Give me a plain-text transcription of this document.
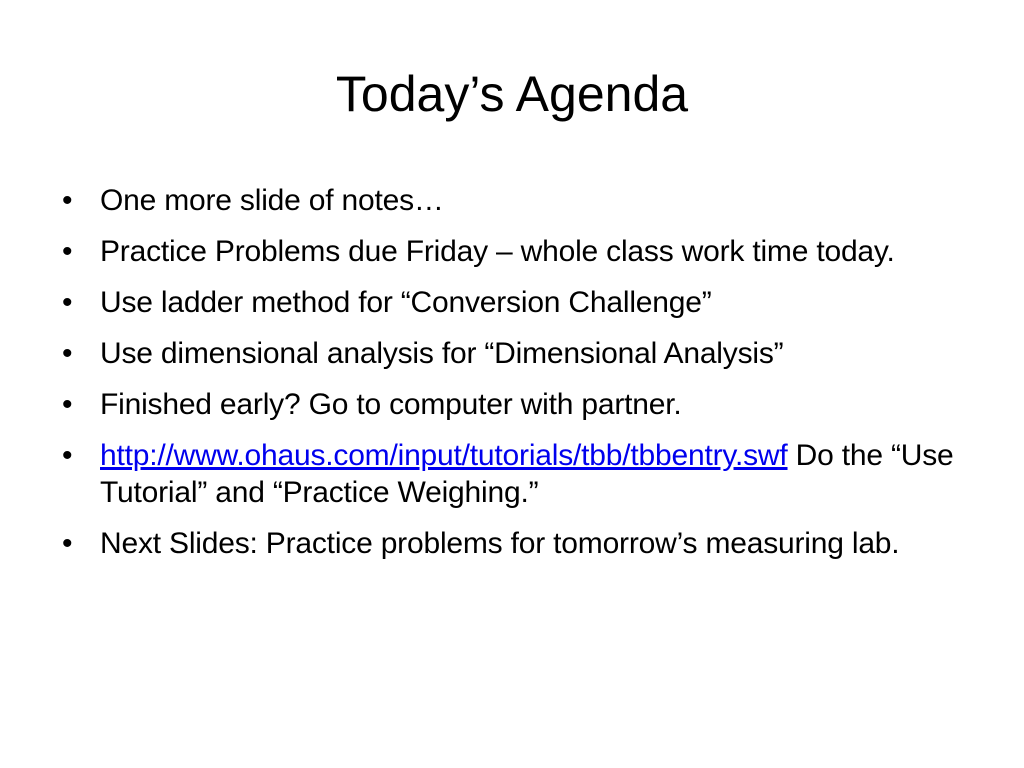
Today’s Agenda
• One more slide of notes…
• Practice Problems due Friday – whole class work time today.
• Use ladder method for “Conversion Challenge”
• Use dimensional analysis for “Dimensional Analysis”
• Finished early? Go to computer with partner.
• http://www.ohaus.com/input/tutorials/tbb/tbbentry.swf Do the “Use Tutorial” and “Practice Weighing.”
• Next Slides: Practice problems for tomorrow’s measuring lab.
